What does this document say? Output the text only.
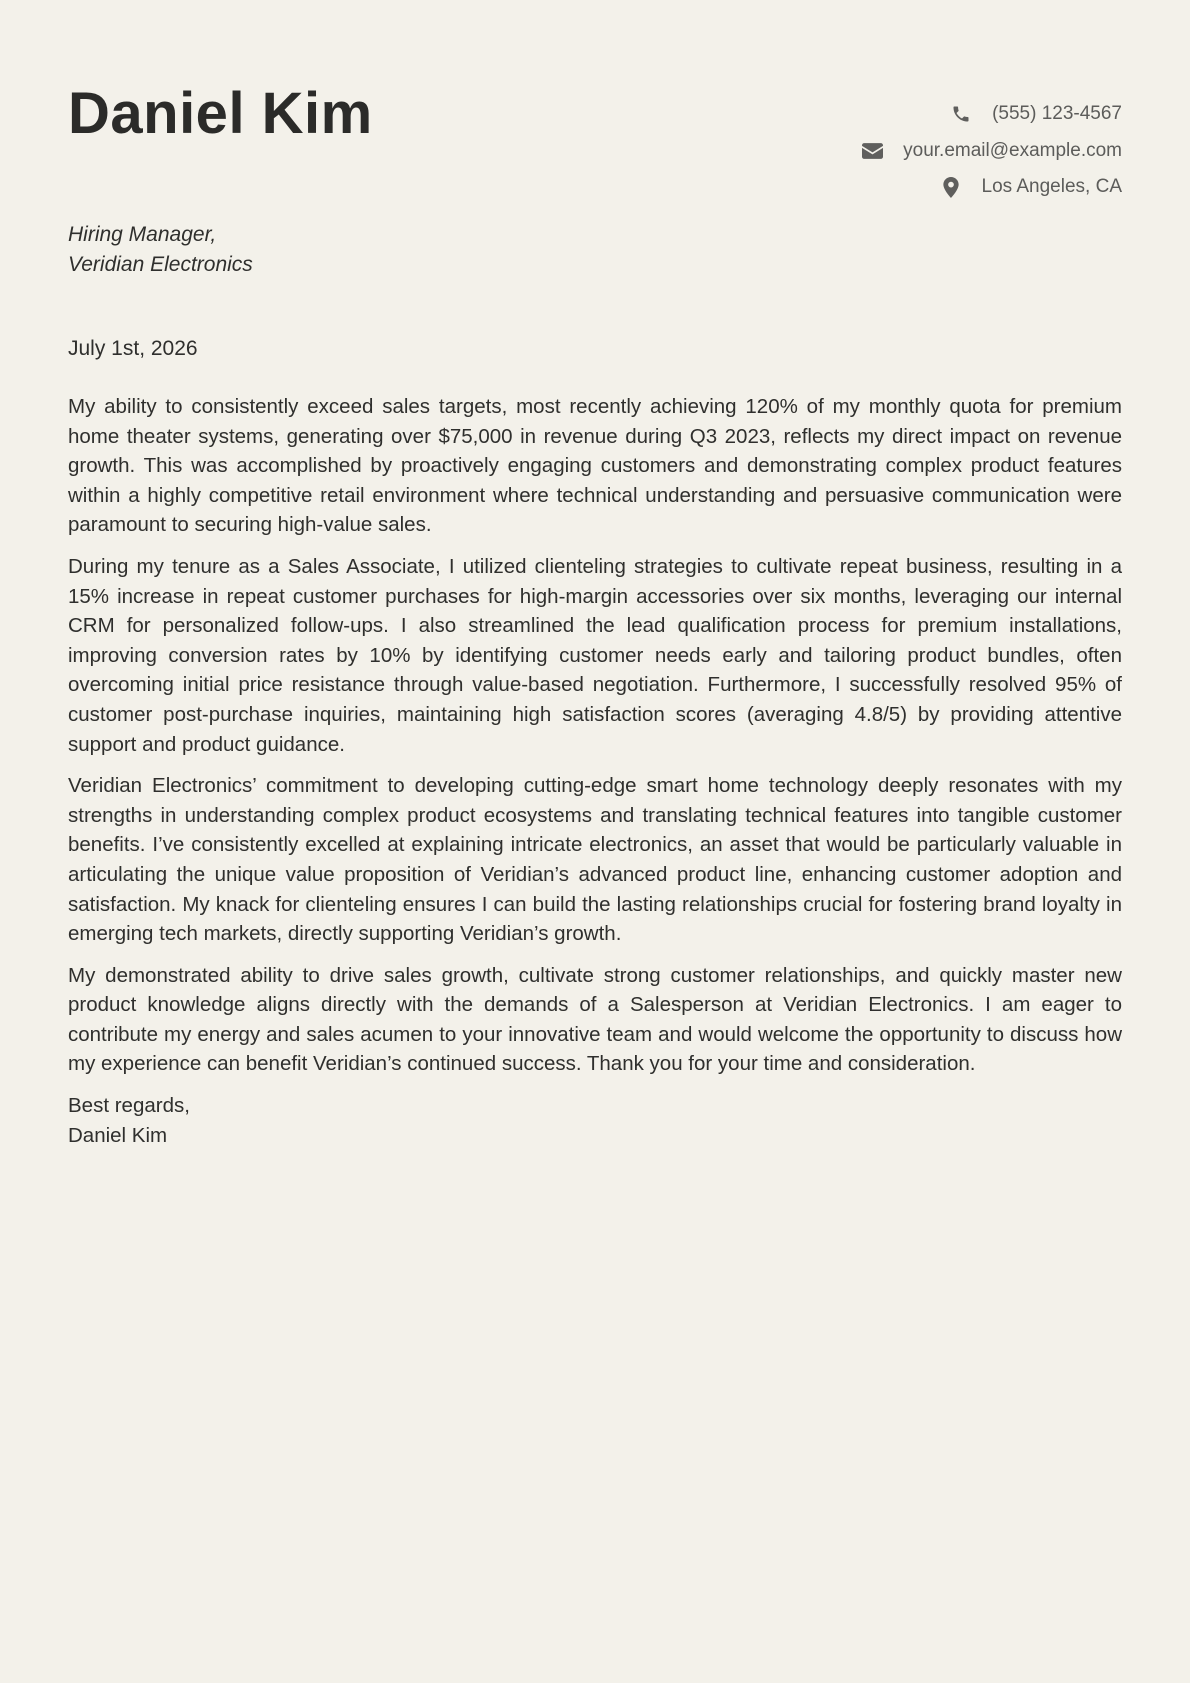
Daniel Kim	(555) 123-4567
your.email@example.com
Los Angeles, CA
Hiring Manager,
Veridian Electronics
July 1st, 2026

My ability to consistently exceed sales targets, most recently achieving 120% of my monthly quota for premium home theater systems, generating over $75,000 in revenue during Q3 2023, reflects my direct impact on revenue growth. This was accomplished by proactively engaging customers and demonstrating complex product features within a highly competitive retail environment where technical understanding and persuasive communication were paramount to securing high-value sales.

During my tenure as a Sales Associate, I utilized clienteling strategies to cultivate repeat business, resulting in a 15% increase in repeat customer purchases for high-margin accessories over six months, leveraging our internal CRM for personalized follow-ups. I also streamlined the lead qualification process for premium installations, improving conversion rates by 10% by identifying customer needs early and tailoring product bundles, often overcoming initial price resistance through value-based negotiation. Furthermore, I successfully resolved 95% of customer post-purchase inquiries, maintaining high satisfaction scores (averaging 4.8/5) by providing attentive support and product guidance.

Veridian Electronics’ commitment to developing cutting-edge smart home technology deeply resonates with my strengths in understanding complex product ecosystems and translating technical features into tangible customer benefits. I’ve consistently excelled at explaining intricate electronics, an asset that would be particularly valuable in articulating the unique value proposition of Veridian’s advanced product line, enhancing customer adoption and satisfaction. My knack for clienteling ensures I can build the lasting relationships crucial for fostering brand loyalty in emerging tech markets, directly supporting Veridian’s growth.

My demonstrated ability to drive sales growth, cultivate strong customer relationships, and quickly master new product knowledge aligns directly with the demands of a Salesperson at Veridian Electronics. I am eager to contribute my energy and sales acumen to your innovative team and would welcome the opportunity to discuss how my experience can benefit Veridian’s continued success. Thank you for your time and consideration.

Best regards,
Daniel Kim
